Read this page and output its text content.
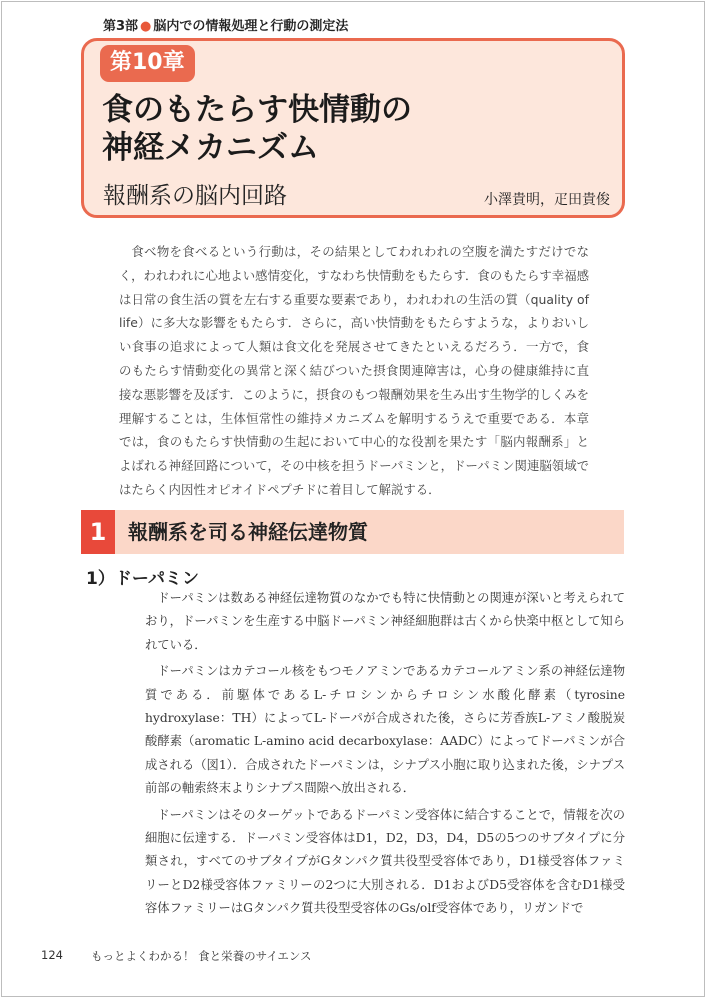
第3部 ● 脳内での情報処理と行動の測定法
第10章
食のもたらす快情動の
神経メカニズム
報酬系の脳内回路	小澤貴明，疋田貴俊

食べ物を食べるという行動は，その結果としてわれわれの空腹を満たすだけでなく，われわれに心地よい感情変化，すなわち快情動をもたらす．食のもたらす幸福感は日常の食生活の質を左右する重要な要素であり，われわれの生活の質（quality of life）に多大な影響をもたらす．さらに，高い快情動をもたらすような，よりおいしい食事の追求によって人類は食文化を発展させてきたといえるだろう．一方で，食のもたらす情動変化の異常と深く結びついた摂食関連障害は，心身の健康維持に直接な悪影響を及ぼす．このように，摂食のもつ報酬効果を生み出す生物学的しくみを理解することは，生体恒常性の維持メカニズムを解明するうえで重要である．本章では，食のもたらす快情動の生起において中心的な役割を果たす「脳内報酬系」とよばれる神経回路について，その中核を担うドーパミンと，ドーパミン関連脳領域ではたらく内因性オピオイドペプチドに着目して解説する．

1	報酬系を司る神経伝達物質
1）ドーパミン

ドーパミンは数ある神経伝達物質のなかでも特に快情動との関連が深いと考えられており，ドーパミンを生産する中脳ドーパミン神経細胞群は古くから快楽中枢として知られている．

ドーパミンはカテコール核をもつモノアミンであるカテコールアミン系の神経伝達物質である．前駆体であるL-チロシンからチロシン水酸化酵素（tyrosine hydroxylase：TH）によってL-ドーパが合成された後，さらに芳香族L-アミノ酸脱炭酸酵素（aromatic L-amino acid decarboxylase：AADC）によってドーパミンが合成される（図1）．合成されたドーパミンは，シナプス小胞に取り込まれた後，シナプス前部の軸索終末よりシナプス間隙へ放出される．

ドーパミンはそのターゲットであるドーパミン受容体に結合することで，情報を次の細胞に伝達する．ドーパミン受容体はD1，D2，D3，D4，D5の5つのサブタイプに分類され，すべてのサブタイプがGタンパク質共役型受容体であり，D1様受容体ファミリーとD2様受容体ファミリーの2つに大別される．D1およびD5受容体を含むD1様受容体ファミリーはGタンパク質共役型受容体のGs/olf受容体であり，リガンドで

124 もっとよくわかる！ 食と栄養のサイエンス
